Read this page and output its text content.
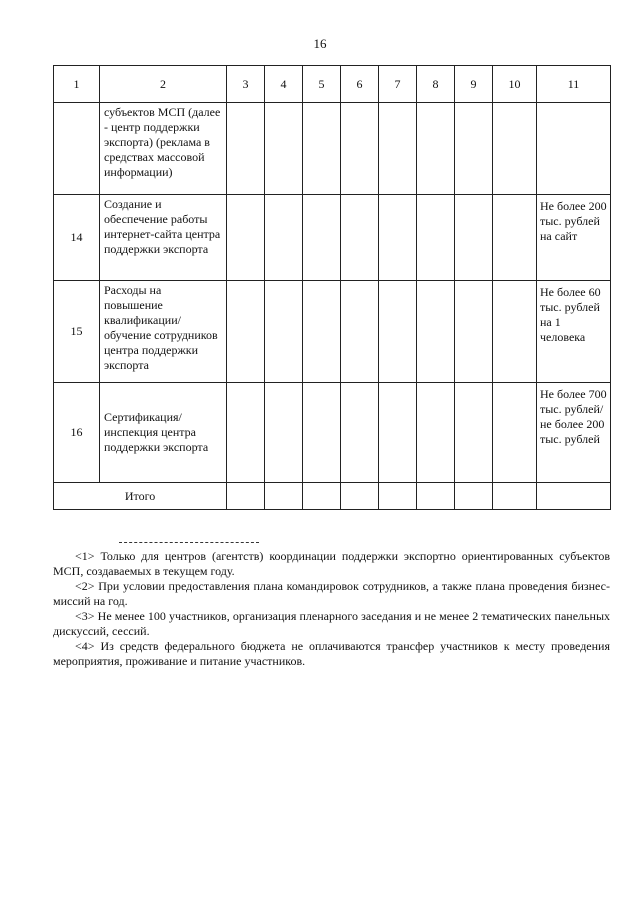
16
1	2	3	4	5	6	7	8	9	10	11
	субъектов МСП (далее - центр поддержки экспорта) (реклама в средствах массовой информации)									
14	Создание и обеспечение работы интернет-сайта центра поддержки экспорта									Не более 200 тыс. рублей на сайт
15	Расходы на повышение квалификации/обучение сотрудников центра поддержки экспорта									Не более 60 тыс. рублей на 1 человека
16	Сертификация/ инспекция центра поддержки экспорта									Не более 700 тыс. рублей/ не более 200 тыс. рублей
Итого										

<1> Только для центров (агентств) координации поддержки экспортно ориентированных субъектов МСП, создаваемых в текущем году.

<2> При условии предоставления плана командировок сотрудников, а также плана проведения бизнес-миссий на год.

<3> Не менее 100 участников, организация пленарного заседания и не менее 2 тематических панельных дискуссий, сессий.

<4> Из средств федерального бюджета не оплачиваются трансфер участников к месту проведения мероприятия, проживание и питание участников.
